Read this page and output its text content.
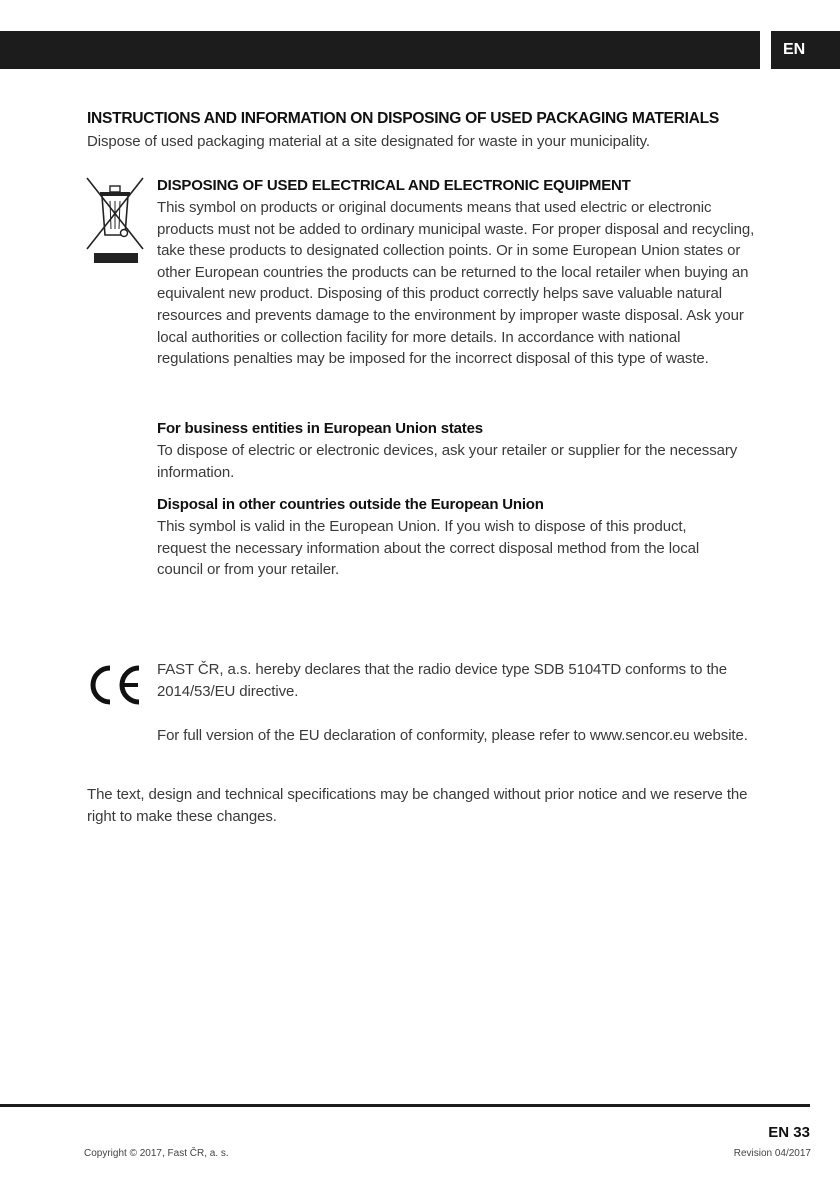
EN
INSTRUCTIONS AND INFORMATION ON DISPOSING OF USED PACKAGING MATERIALS
Dispose of used packaging material at a site designated for waste in your municipality.
DISPOSING OF USED ELECTRICAL AND ELECTRONIC EQUIPMENT
This symbol on products or original documents means that used electric or electronic products must not be added to ordinary municipal waste. For proper disposal and recycling, take these products to designated collection points. Or in some European Union states or other European countries the products can be returned to the local retailer when buying an equivalent new product. Disposing of this product correctly helps save valuable natural resources and prevents damage to the environment by improper waste disposal. Ask your local authorities or collection facility for more details. In accordance with national regulations penalties may be imposed for the incorrect disposal of this type of waste.
For business entities in European Union states
To dispose of electric or electronic devices, ask your retailer or supplier for the necessary information.
Disposal in other countries outside the European Union
This symbol is valid in the European Union. If you wish to dispose of this product, request the necessary information about the correct disposal method from the local council or from your retailer.
FAST ČR, a.s. hereby declares that the radio device type SDB 5104TD conforms to the 2014/53/EU directive.
For full version of the EU declaration of conformity, please refer to www.sencor.eu website.
The text, design and technical specifications may be changed without prior notice and we reserve the right to make these changes.
EN 33
Copyright © 2017, Fast ČR, a. s.	Revision 04/2017
